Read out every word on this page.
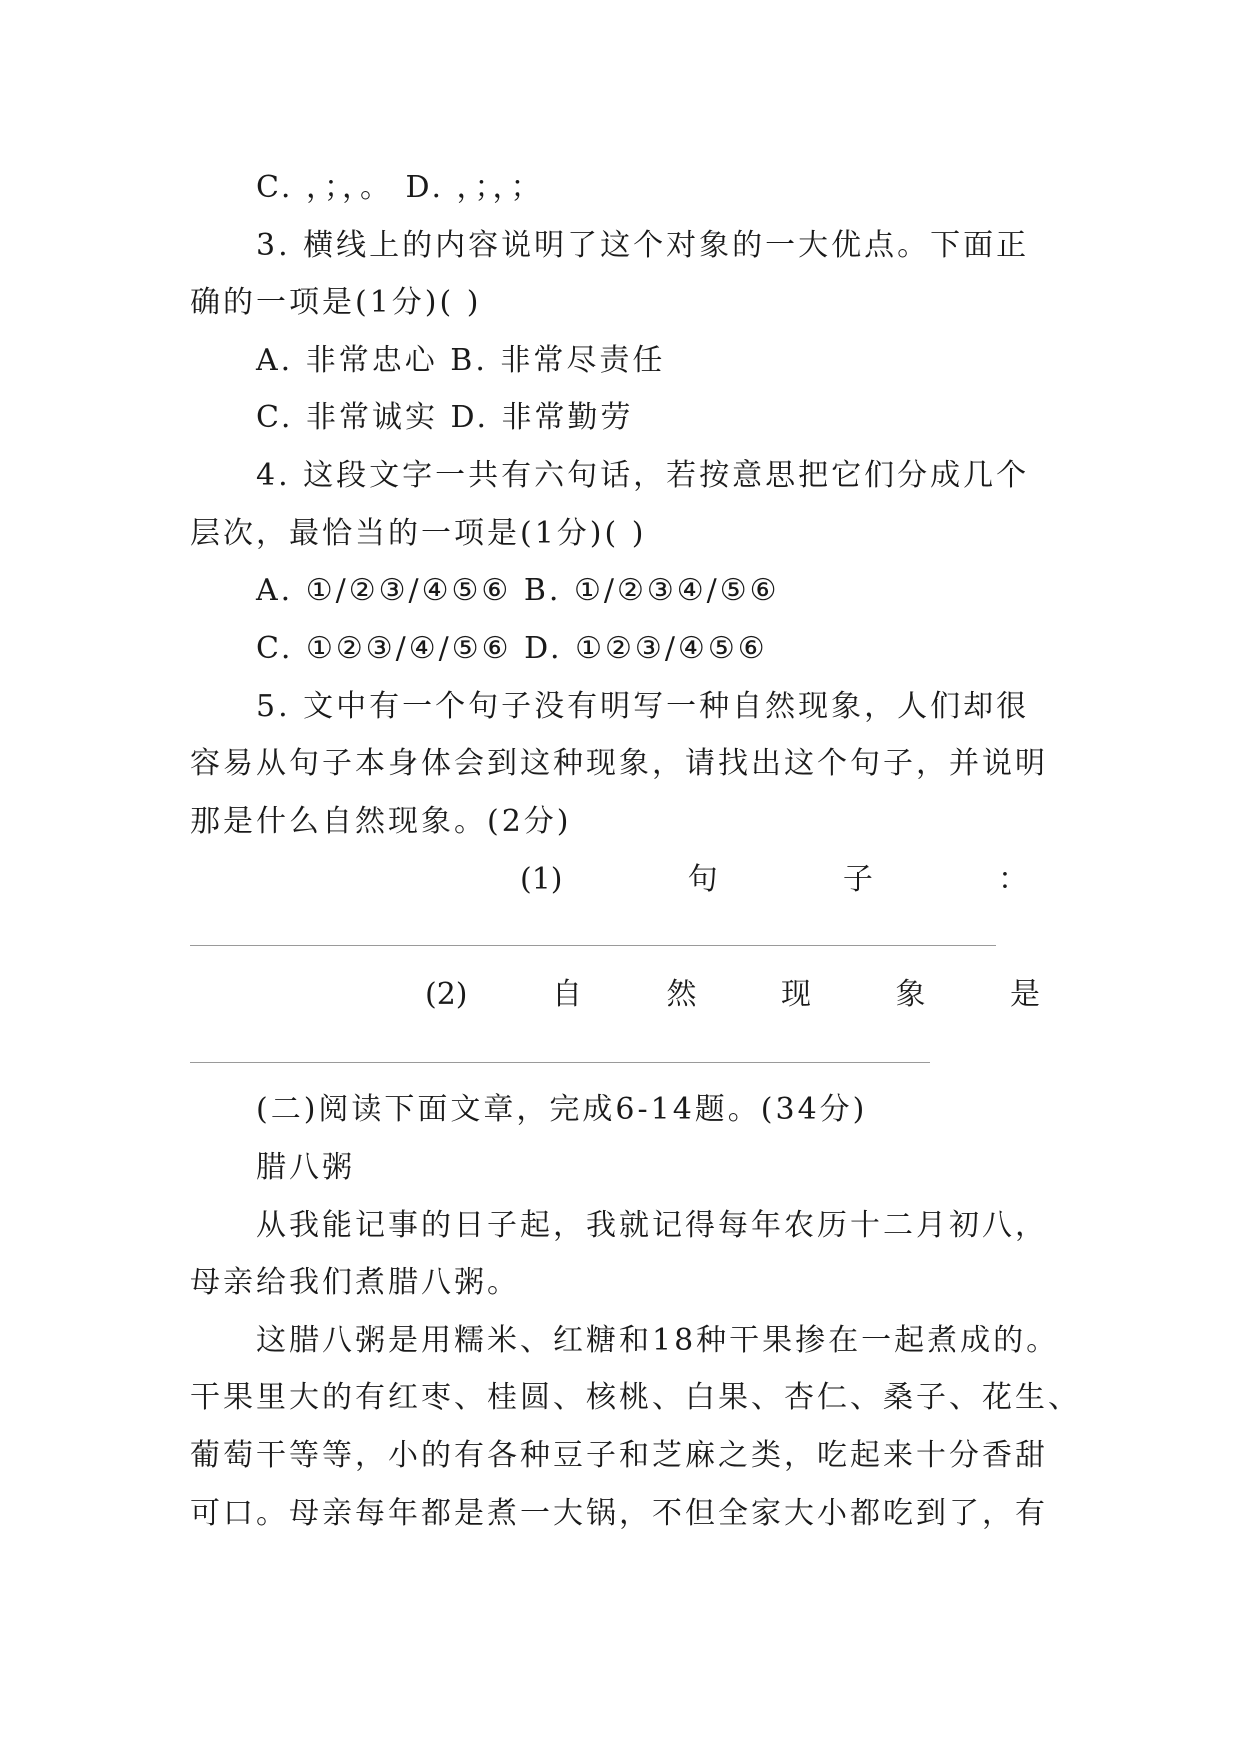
C. ，；，。 D. ，；，；
3. 横线上的内容说明了这个对象的一大优点。下面正
确的一项是(1分)( )
A. 非常忠心 B. 非常尽责任
C. 非常诚实 D. 非常勤劳
4. 这段文字一共有六句话，若按意思把它们分成几个
层次，最恰当的一项是(1分)( )
A. ①/②③/④⑤⑥ B. ①/②③④/⑤⑥
C. ①②③/④/⑤⑥ D. ①②③/④⑤⑥
5. 文中有一个句子没有明写一种自然现象，人们却很
容易从句子本身体会到这种现象，请找出这个句子，并说明
那是什么自然现象。(2分)
(1)	句	子	：
(2)	自	然	现	象	是
(二)阅读下面文章，完成6-14题。(34分)
腊八粥
从我能记事的日子起，我就记得每年农历十二月初八，
母亲给我们煮腊八粥。
这腊八粥是用糯米、红糖和18种干果掺在一起煮成的。
干果里大的有红枣、桂圆、核桃、白果、杏仁、桑子、花生、
葡萄干等等，小的有各种豆子和芝麻之类，吃起来十分香甜
可口。母亲每年都是煮一大锅，不但全家大小都吃到了，有
